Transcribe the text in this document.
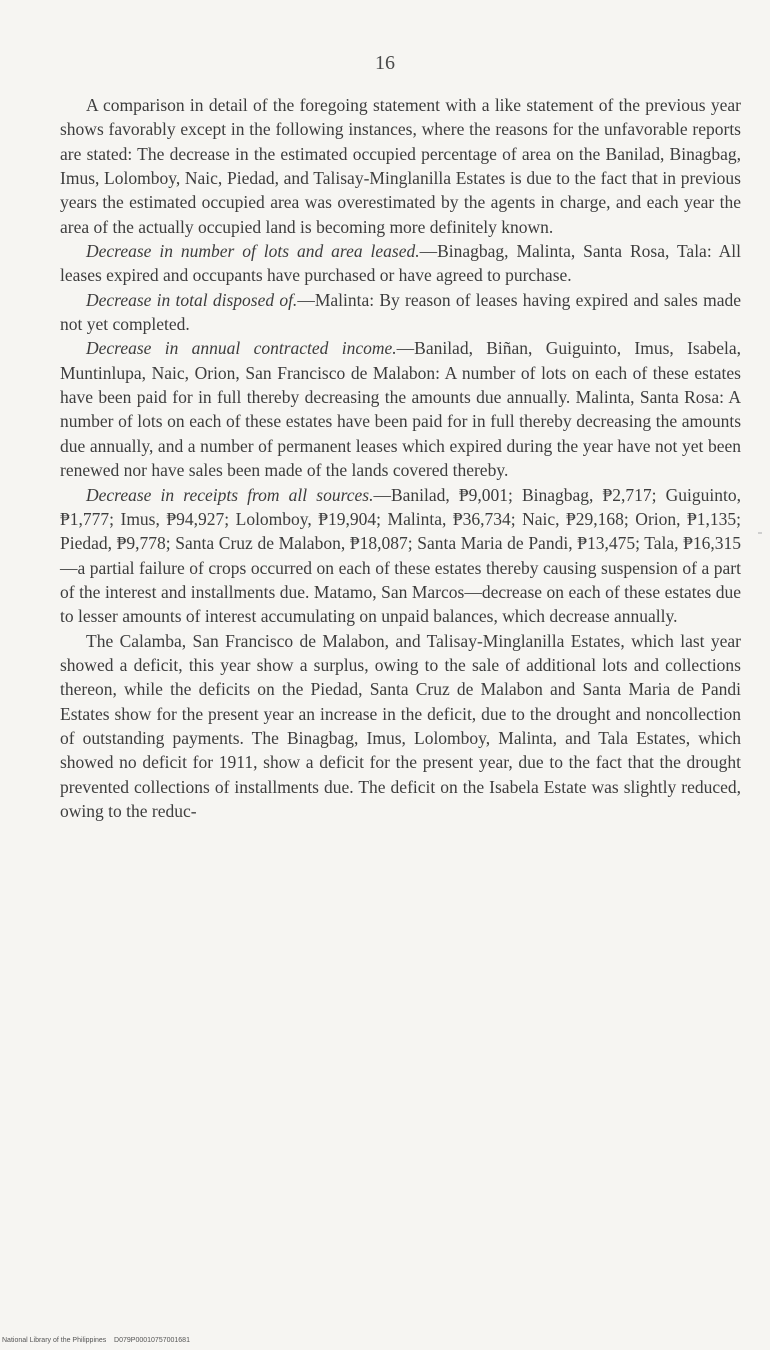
16

A comparison in detail of the foregoing statement with a like statement of the previous year shows favorably except in the following instances, where the reasons for the unfavorable reports are stated: The decrease in the estimated occupied percentage of area on the Banilad, Binagbag, Imus, Lolomboy, Naic, Piedad, and Talisay-Minglanilla Estates is due to the fact that in previous years the estimated occupied area was overestimated by the agents in charge, and each year the area of the actually occupied land is becoming more definitely known.

Decrease in number of lots and area leased.—Binagbag, Malinta, Santa Rosa, Tala: All leases expired and occupants have purchased or have agreed to purchase.

Decrease in total disposed of.—Malinta: By reason of leases having expired and sales made not yet completed.

Decrease in annual contracted income.—Banilad, Biñan, Guiguinto, Imus, Isabela, Muntinlupa, Naic, Orion, San Francisco de Malabon: A number of lots on each of these estates have been paid for in full thereby decreasing the amounts due annually. Malinta, Santa Rosa: A number of lots on each of these estates have been paid for in full thereby decreasing the amounts due annually, and a number of permanent leases which expired during the year have not yet been renewed nor have sales been made of the lands covered thereby.

Decrease in receipts from all sources.—Banilad, ₱9,001; Binagbag, ₱2,717; Guiguinto, ₱1,777; Imus, ₱94,927; Lolomboy, ₱19,904; Malinta, ₱36,734; Naic, ₱29,168; Orion, ₱1,135; Piedad, ₱9,778; Santa Cruz de Malabon, ₱18,087; Santa Maria de Pandi, ₱13,475; Tala, ₱16,315—a partial failure of crops occurred on each of these estates thereby causing suspension of a part of the interest and installments due. Matamo, San Marcos—decrease on each of these estates due to lesser amounts of interest accumulating on unpaid balances, which decrease annually.

The Calamba, San Francisco de Malabon, and Talisay-Minglanilla Estates, which last year showed a deficit, this year show a surplus, owing to the sale of additional lots and collections thereon, while the deficits on the Piedad, Santa Cruz de Malabon and Santa Maria de Pandi Estates show for the present year an increase in the deficit, due to the drought and noncollection of outstanding payments. The Binagbag, Imus, Lolomboy, Malinta, and Tala Estates, which showed no deficit for 1911, show a deficit for the present year, due to the fact that the drought prevented collections of installments due. The deficit on the Isabela Estate was slightly reduced, owing to the reduc-

National Library of the Philippines    D079P00010757001681
